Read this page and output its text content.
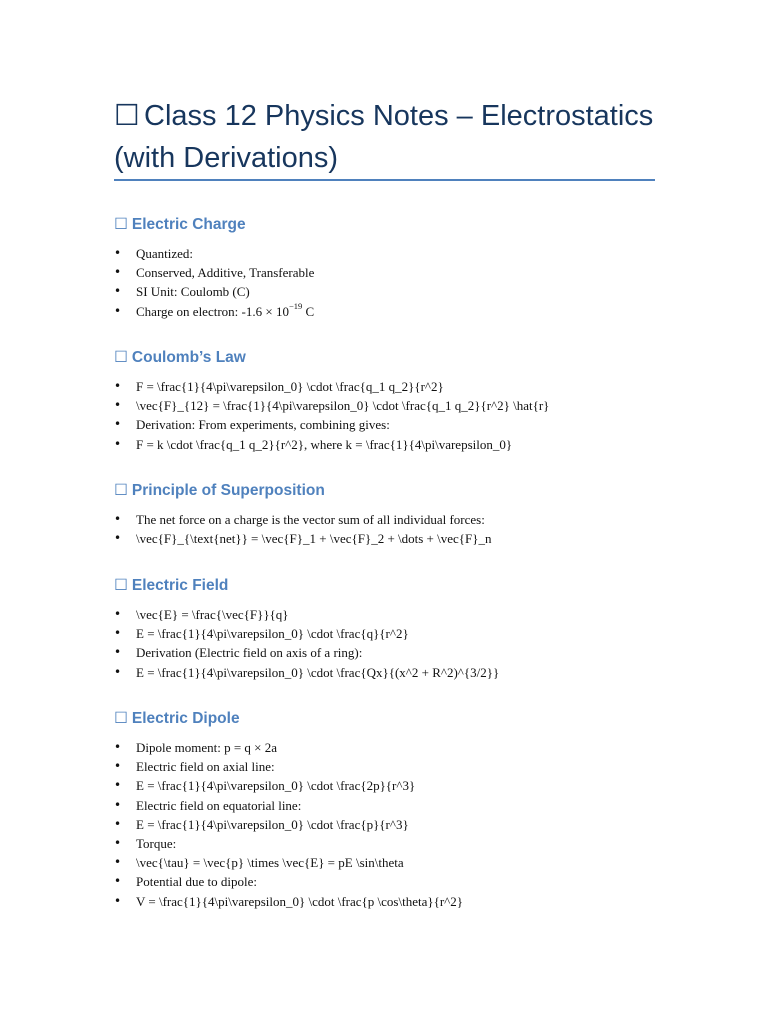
☐ Class 12 Physics Notes – Electrostatics (with Derivations)
☐ Electric Charge
• Quantized:
• Conserved, Additive, Transferable
• SI Unit: Coulomb (C)
• Charge on electron: $-1.6 \times 10^{-19}$ C
☐ Coulomb’s Law
• F = \frac{1}{4\pi\varepsilon_0} \cdot \frac{q_1 q_2}{r^2}
• \vec{F}_{12} = \frac{1}{4\pi\varepsilon_0} \cdot \frac{q_1 q_2}{r^2} \hat{r}
• Derivation: From experiments, combining gives:
• F = k \cdot \frac{q_1 q_2}{r^2}, where k = \frac{1}{4\pi\varepsilon_0}
☐ Principle of Superposition
• The net force on a charge is the vector sum of all individual forces:
• \vec{F}_{\text{net}} = \vec{F}_1 + \vec{F}_2 + \dots + \vec{F}_n
☐ Electric Field
• \vec{E} = \frac{\vec{F}}{q}
• E = \frac{1}{4\pi\varepsilon_0} \cdot \frac{q}{r^2}
• Derivation (Electric field on axis of a ring):
• E = \frac{1}{4\pi\varepsilon_0} \cdot \frac{Qx}{(x^2 + R^2)^{3/2}}
☐ Electric Dipole
• Dipole moment: p = q × 2a
• Electric field on axial line:
• E = \frac{1}{4\pi\varepsilon_0} \cdot \frac{2p}{r^3}
• Electric field on equatorial line:
• E = \frac{1}{4\pi\varepsilon_0} \cdot \frac{p}{r^3}
• Torque:
• \vec{\tau} = \vec{p} \times \vec{E} = pE \sin\theta
• Potential due to dipole:
• V = \frac{1}{4\pi\varepsilon_0} \cdot \frac{p \cos\theta}{r^2}
